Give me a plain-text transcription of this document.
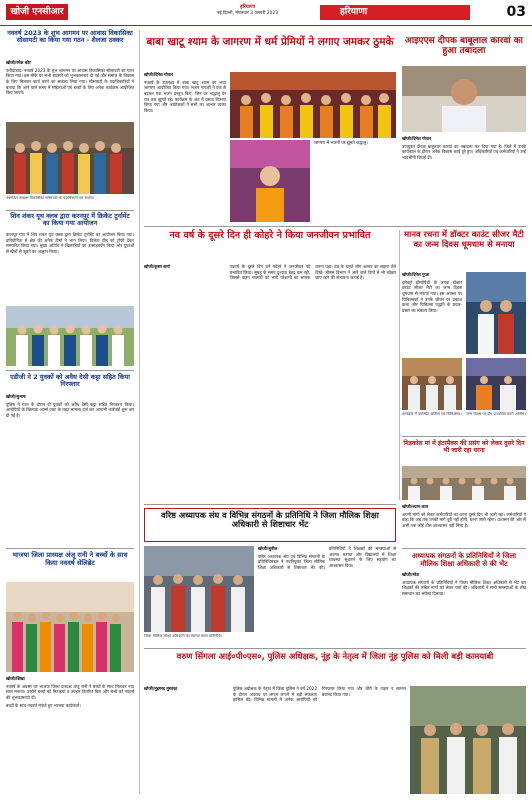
खोजी एनसीआर	हरियाणा
नई दिल्ली, मंगलवार 3 जनवरी 2023	हरियाणा	03
नववर्ष 2023 के शुभ आगमन पर आवास विकासिका सोसायटी का किया गया गठन - शैलजा ठक्कर
खोजी/रमेश कौर

फरीदाबाद। नववर्ष 2023 के शुभ आगमन पर आवास विकासिका सोसायटी का गठन किया गया। इस मौके पर सभी सदस्यों को शुभकामनाएं दी गईं और समाज के विकास के लिए मिलकर कार्य करने का संकल्प लिया गया। सोसायटी के पदाधिकारियों ने बताया कि आने वाले समय में महिलाओं एवं बच्चों के लिए अनेक कार्यक्रम आयोजित किए जाएंगे।

नवगठित आवास विकासिका सोसायटी के पदाधिकारी एवं सदस्य।
शिव शंकर यूथ क्लब द्वारा करनपुर में क्रिकेट टूर्नामेंट का किया गया आयोजन

करनपुर गांव में शिव शंकर यूथ क्लब द्वारा क्रिकेट टूर्नामेंट का आयोजन किया गया। प्रतियोगिता में क्षेत्र की अनेक टीमों ने भाग लिया। विजेता टीम को ट्रॉफी देकर सम्मानित किया गया। मुख्य अतिथि ने खिलाड़ियों का उत्साहवर्धन किया और युवाओं से खेलों से जुड़ने का आह्वान किया।

एडीजी ने 2 युवकों को अवैध देसी कट्टा सहित किया गिरफ्तार
खोजी/सुभाष

पुलिस ने गश्त के दौरान दो युवकों को अवैध देसी कट्टा सहित गिरफ्तार किया। आरोपियों के खिलाफ आर्म्स एक्ट के तहत मामला दर्ज कर आगामी कार्रवाई शुरू कर दी गई है।

भाजपा जिला प्राध्यक्ष अंजू रानी ने बच्चों के साथ किया नववर्ष सेलिब्रेट
खोजी/शिखा

नववर्ष के अवसर पर भाजपा जिला प्राध्यक्ष अंजू रानी ने बच्चों के साथ मिलकर नया साल मनाया। उन्होंने बच्चों को मिठाइयां व उपहार वितरित किए और सभी को नववर्ष की शुभकामनाएं दीं।

बच्चों के साथ नववर्ष मनाते हुए भाजपा कार्यकर्ता।

बाबा खाटू श्याम के जागरण में धर्म प्रेमियों ने लगाए जमकर ठुमके
खोजी/दिनेश गोयल

नववर्ष के उपलक्ष्य में बाबा खाटू श्याम का भव्य जागरण आयोजित किया गया। भजन गायकों ने एक से बढ़कर एक भजन प्रस्तुत किए, जिन पर श्रद्धालु देर रात तक झूमते रहे। कार्यक्रम के अंत में प्रसाद वितरण किया गया और आयोजकों ने सभी का आभार व्यक्त किया।

जागरण में भजनों पर झूमते श्रद्धालु।

आइएएस दीपक बाबूलाल कारवां का हुआ तबादला
खोजी/दिनेश गोयल

उपायुक्त दीपक बाबूलाल कारवां का तबादला कर दिया गया है। जिले में उनके कार्यकाल के दौरान अनेक विकास कार्य पूरे हुए। अधिकारियों एवं कर्मचारियों ने उन्हें भावभीनी विदाई दी।

नव वर्ष के दूसरे दिन ही कोहरे ने किया जनजीवन प्रभावित
खोजी/कृष्ण शर्मा	नववर्ष के दूसरे दिन घने कोहरे ने जनजीवन को प्रभावित किया। सुबह के समय दृश्यता बेहद कम रही, जिससे वाहन चालकों को भारी परेशानी का सामना करना पड़ा। ठंड के चलते लोग अलाव का सहारा लेते दिखे। मौसम विभाग ने आने वाले दिनों में भी कोहरा छाए रहने की संभावना जताई है।

मानव रचना में डॉक्टर काउंट सीजर मैटी का जन्म दिवस धूमधाम से मनाया
खोजी/दिनेश गुप्ता

इलेक्ट्रो होम्योपैथी के जनक डॉक्टर काउंट सीजर मैटी का जन्म दिवस धूमधाम से मनाया गया। इस अवसर पर चिकित्सकों ने उनके जीवन पर प्रकाश डाला और चिकित्सा पद्धति के प्रचार-प्रसार का संकल्प लिया।

कार्यक्रम में उपस्थित अतिथि एवं चिकित्सक। जन्म दिवस पर दीप प्रज्वलित करते अतिथि।
मिडकोस मां में इंटरमैक्स की प्रसंग को लेकर दुसरे दिन भी जारी रहा धरना
खोजी/श्याम लाल

अपनी मांगों को लेकर कर्मचारियों का धरना दूसरे दिन भी जारी रहा। कर्मचारियों ने कहा कि जब तक उनकी मांगें पूरी नहीं होंगी, धरना जारी रहेगा। प्रशासन की ओर से अभी तक कोई ठोस आश्वासन नहीं मिला है।

वरिष्ठ अध्यापक संघ व विभिन्न संगठनों के प्रतिनिधि ने जिला मौलिक शिक्षा अधिकारी से शिष्टाचार भेंट
खोजी/सुनील

वरिष्ठ अध्यापक संघ एवं विभिन्न संगठनों के प्रतिनिधिमंडल ने नवनियुक्त जिला मौलिक शिक्षा अधिकारी से शिष्टाचार भेंट की। प्रतिनिधियों ने शिक्षकों की समस्याओं से अवगत कराया और विद्यालयों में शिक्षा व्यवस्था सुधारने के लिए सहयोग का आश्वासन दिया।

जिला मौलिक शिक्षा अधिकारी का स्वागत करते प्रतिनिधि।
अध्यापक संगठनों के प्रतिनिधियों ने जिला मौलिक शिक्षा अधिकारी से की भेंट
खोजी/नरेश

अध्यापक संगठनों के प्रतिनिधियों ने जिला मौलिक शिक्षा अधिकारी से भेंट कर शिक्षकों की लंबित मांगों को लेकर चर्चा की। अधिकारी ने सभी समस्याओं के शीघ्र समाधान का भरोसा दिलाया।

वरुण सिंगला आई०पी०एस०, पुलिस अधिक्षक, नूंह के नेतृत्व में जिला नूंह पुलिस को मिली बड़ी कामयाबी
खोजी/मुहम्मद मुस्तफा	पुलिस अधीक्षक के नेतृत्व में जिला पुलिस ने वर्ष 2022 के दौरान अपराध पर लगाम लगाने में बड़ी सफलता हासिल की। विभिन्न मामलों में अनेक आरोपियों को गिरफ्तार किया गया और चोरी के वाहन व सामान बरामद किया गया।
